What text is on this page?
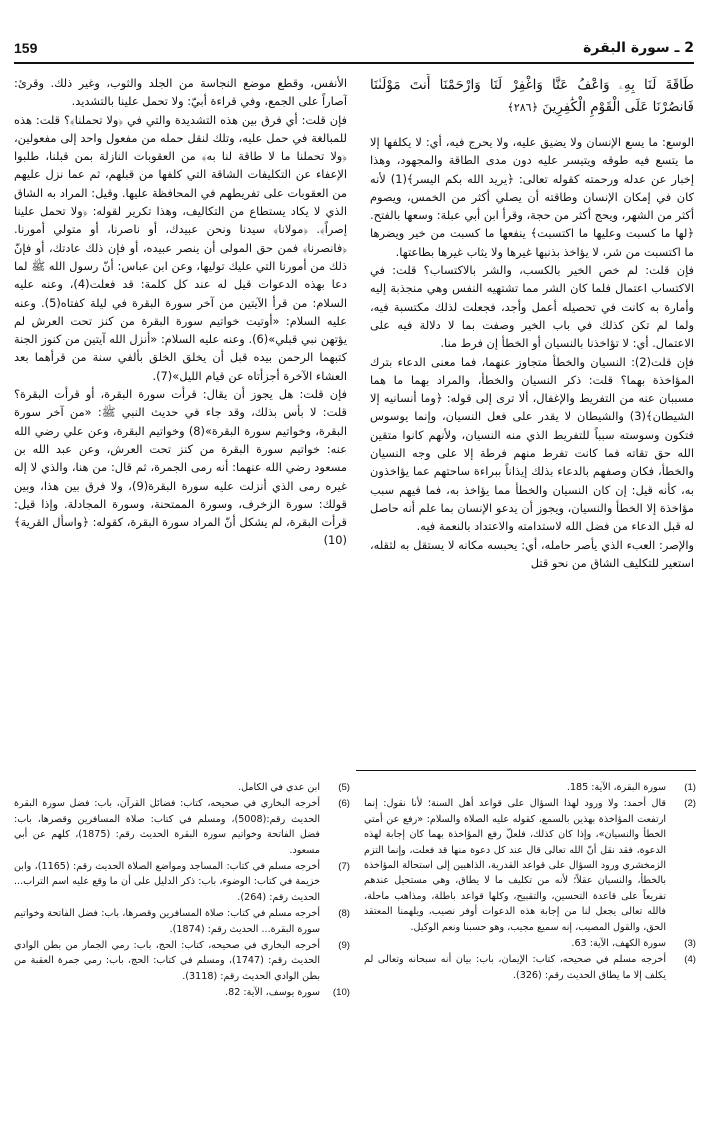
159	2 ـ سورة البقرة
طَاقَةَ لَنَا بِهِۦ وَاعْفُ عَنَّا وَاغْفِرْ لَنَا وَارْحَمْنَا أَنتَ مَوْلَىٰنَا فَانصُرْنَا عَلَى الْقَوْمِ الْكَٰفِرِينَ ﴿٢٨٦﴾

الوسع: ما يسع الإنسان ولا يضيق عليه، ولا يحرج فيه، أي: لا يكلفها إلا ما يتسع فيه طوقه ويتيسر عليه دون مدى الطاقة والمجهود، وهذا إخبار عن عدله ورحمته كقوله تعالى: ﴿يريد الله بكم اليسر﴾(1) لأنه كان في إمكان الإنسان وطاقته أن يصلي أكثر من الخمس، ويصوم أكثر من الشهر، ويحج أكثر من حجة، وقرأ ابن أبي عبلة: وسعها بالفتح. ﴿لها ما كسبت وعليها ما اكتسبت﴾ ينفعها ما كسبت من خير ويضرها ما اكتسبت من شر، لا يؤاخذ بذنبها غيرها ولا يثاب غيرها بطاعتها.

فإن قلت: لم خص الخير بالكسب، والشر بالاكتساب؟ قلت: في الاكتساب اعتمال فلما كان الشر مما تشتهيه النفس وهي منجذبة إليه وأمارة به كانت في تحصيله أعمل وأجد، فجعلت لذلك مكتسبة فيه، ولما لم تكن كذلك في باب الخير وصفت بما لا دلالة فيه على الاعتمال. أي: لا تؤاخذنا بالنسيان أو الخطأ إن فرط منا.

فإن قلت(2): النسيان والخطأ متجاوز عنهما، فما معنى الدعاء بترك المؤاخذة بهما؟ قلت: ذكر النسيان والخطأ، والمراد بهما ما هما مسببان عنه من التفريط والإغفال، ألا ترى إلى قوله: ﴿وما أنسانيه إلا الشيطان﴾(3) والشيطان لا يقدر على فعل النسيان، وإنما يوسوس فتكون وسوسته سبباً للتفريط الذي منه النسيان، ولأنهم كانوا متقين الله حق تقاته فما كانت تفرط منهم فرطة إلا على وجه النسيان والخطأ، فكان وصفهم بالدعاء بذلك إيذاناً ببراءة ساحتهم عما يؤاخذون به، كأنه قيل: إن كان النسيان والخطأ مما يؤاخذ به، فما فيهم سبب مؤاخذة إلا الخطأ والنسيان، ويجوز أن يدعو الإنسان بما علم أنه حاصل له قبل الدعاء من فضل الله لاستدامته والاعتداد بالنعمة فيه.

والإصر: العبء الذي يأصر حامله، أي: يحبسه مكانه لا يستقل به لثقله، استعير للتكليف الشاق من نحو قتل

الأنفس، وقطع موضع النجاسة من الجلد والثوب، وغير ذلك. وقرئ: آصاراً على الجمع، وفي قراءة أبيّ: ولا تحمل علينا بالتشديد.

فإن قلت: أي فرق بين هذه التشديدة والتي في ﴿ولا تحملنا﴾؟ قلت: هذه للمبالغة في حمل عليه، وتلك لنقل حمله من مفعول واحد إلى مفعولين، ﴿ولا تحملنا ما لا طاقة لنا به﴾ من العقوبات النازلة بمن قبلنا، طلبوا الإعفاء عن التكليفات الشاقة التي كلفها من قبلهم، ثم عما نزل عليهم من العقوبات على تفريطهم في المحافظة عليها. وقيل: المراد به الشاق الذي لا يكاد يستطاع من التكاليف، وهذا تكرير لقوله: ﴿ولا تحمل علينا إصراً﴾. ﴿مولانا﴾ سيدنا ونحن عبيدك، أو ناصرنا، أو متولي أمورنا. ﴿فانصرنا﴾ فمن حق المولى أن ينصر عبيده، أو فإن ذلك عادتك، أو فإنّ ذلك من أمورنا التي عليك توليها، وعن ابن عباس: أنّ رسول الله ﷺ لما دعا بهذه الدعوات قيل له عند كل كلمة: قد فعلت(4)، وعنه عليه السلام: من قرأ الآيتين من آخر سورة البقرة في ليلة كفتاه(5). وعنه عليه السلام: «أوتيت خواتيم سورة البقرة من كنز تحت العرش لم يؤتهن نبي قبلي»(6). وعنه عليه السلام: «أنزل الله آيتين من كنوز الجنة كتبهما الرحمن بيده قبل أن يخلق الخلق بألفي سنة من قرأهما بعد العشاء الآخرة أجزأتاه عن قيام الليل»(7).

فإن قلت: هل يجوز أن يقال: قرأت سورة البقرة، أو قرأت البقرة؟ قلت: لا بأس بذلك، وقد جاء في حديث النبي ﷺ: «من آخر سورة البقرة، وخواتيم سورة البقرة»(8) وخواتيم البقرة، وعن علي رضي الله عنه: خواتيم سورة البقرة من كنز تحت العرش، وعن عبد الله بن مسعود رضي الله عنهما: أنه رمى الجمرة، ثم قال: من هنا، والذي لا إله غيره رمى الذي أنزلت عليه سورة البقرة(9)، ولا فرق بين هذا، وبين قولك: سورة الزخرف، وسورة الممتحنة، وسورة المجادلة. وإذا قيل: قرأت البقرة، لم يشكل أنّ المراد سورة البقرة، كقوله: ﴿واسأل القرية﴾(10)

(1)
سورة البقرة، الآية: 185.
(2)
قال أحمد: ولا ورود لهذا السؤال على قواعد أهل السنة؛ لأنا نقول: إنما ارتفعت المؤاخذة بهذين بالسمع، كقوله عليه الصلاة والسلام: «رفع عن أمتي الخطأ والنسيان»، وإذا كان كذلك، فلعلّ رفع المؤاخذة بهما كان إجابة لهذه الدعوة، فقد نقل أنّ الله تعالى قال عند كل دعوة منها قد فعلت، وإنما التزم الزمخشري ورود السؤال على قواعد القدرية، الذاهبين إلى استحالة المؤاخذة بالخطأ، والنسيان عقلاً؛ لأنه من تكليف ما لا يطاق، وهي مستحيل عندهم تفريعاً على قاعدة التحسين، والتقبيح، وكلها قواعد باطلة، ومذاهب ماحلة، فالله تعالى يجعل لنا من إجابة هذه الدعوات أوفر نصيب، ويلهمنا المعتقد الحق، والقول المصيب، إنه سميع مجيب، وهو حسبنا ونعم الوكيل.
(3)
سورة الكهف، الآية: 63.
(4)
أخرجه مسلم في صحيحه، كتاب: الإيمان، باب: بيان أنه سبحانه وتعالى لم يكلف إلا ما يطاق الحديث رقم: (326).
(5)
ابن عدي في الكامل.
(6)
أخرجه البخاري في صحيحه، كتاب: فضائل القرآن، باب: فضل سورة البقرة الحديث رقم:(5008)، ومسلم في كتاب: صلاة المسافرين وقصرها، باب: فضل الفاتحة وخواتيم سورة البقرة الحديث رقم: (1875)، كلهم عن أبي مسعود.
(7)
أخرجه مسلم في كتاب: المساجد ومواضع الصلاة الحديث رقم: (1165)، وابن خزيمة في كتاب: الوضوء، باب: ذكر الدليل على أن ما وقع عليه اسم التراب... الحديث رقم: (264).
(8)
أخرجه مسلم في كتاب: صلاة المسافرين وقصرها، باب: فضل الفاتحة وخواتيم سورة البقرة... الحديث رقم: (1874).
(9)
أخرجه البخاري في صحيحه، كتاب: الحج، باب: رمي الجمار من بطن الوادي الحديث رقم: (1747)، ومسلم في كتاب: الحج، باب: رمي جمرة العقبة من بطن الوادي الحديث رقم: (3118).
(10)
سورة يوسف، الآية: 82.
